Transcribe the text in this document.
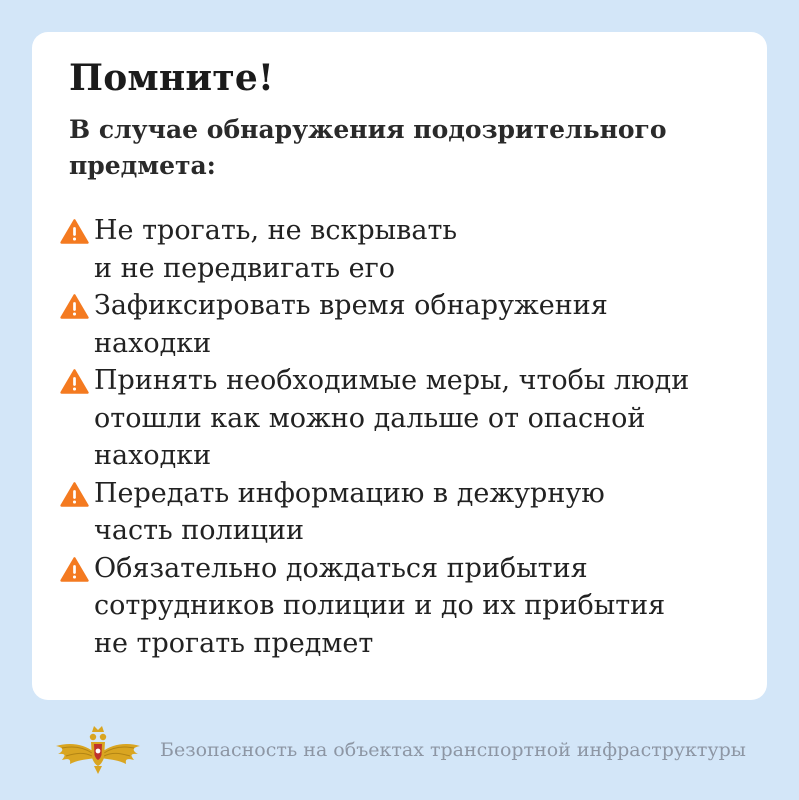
Помните!

В случае обнаружения подозрительного
предмета:

Не трогать, не вскрывать
и не передвигать его
Зафиксировать время обнаружения
находки
Принять необходимые меры, чтобы люди
отошли как можно дальше от опасной
находки
Передать информацию в дежурную
часть полиции
Обязательно дождаться прибытия
сотрудников полиции и до их прибытия
не трогать предмет
Безопасность на объектах транспортной инфраструктуры
